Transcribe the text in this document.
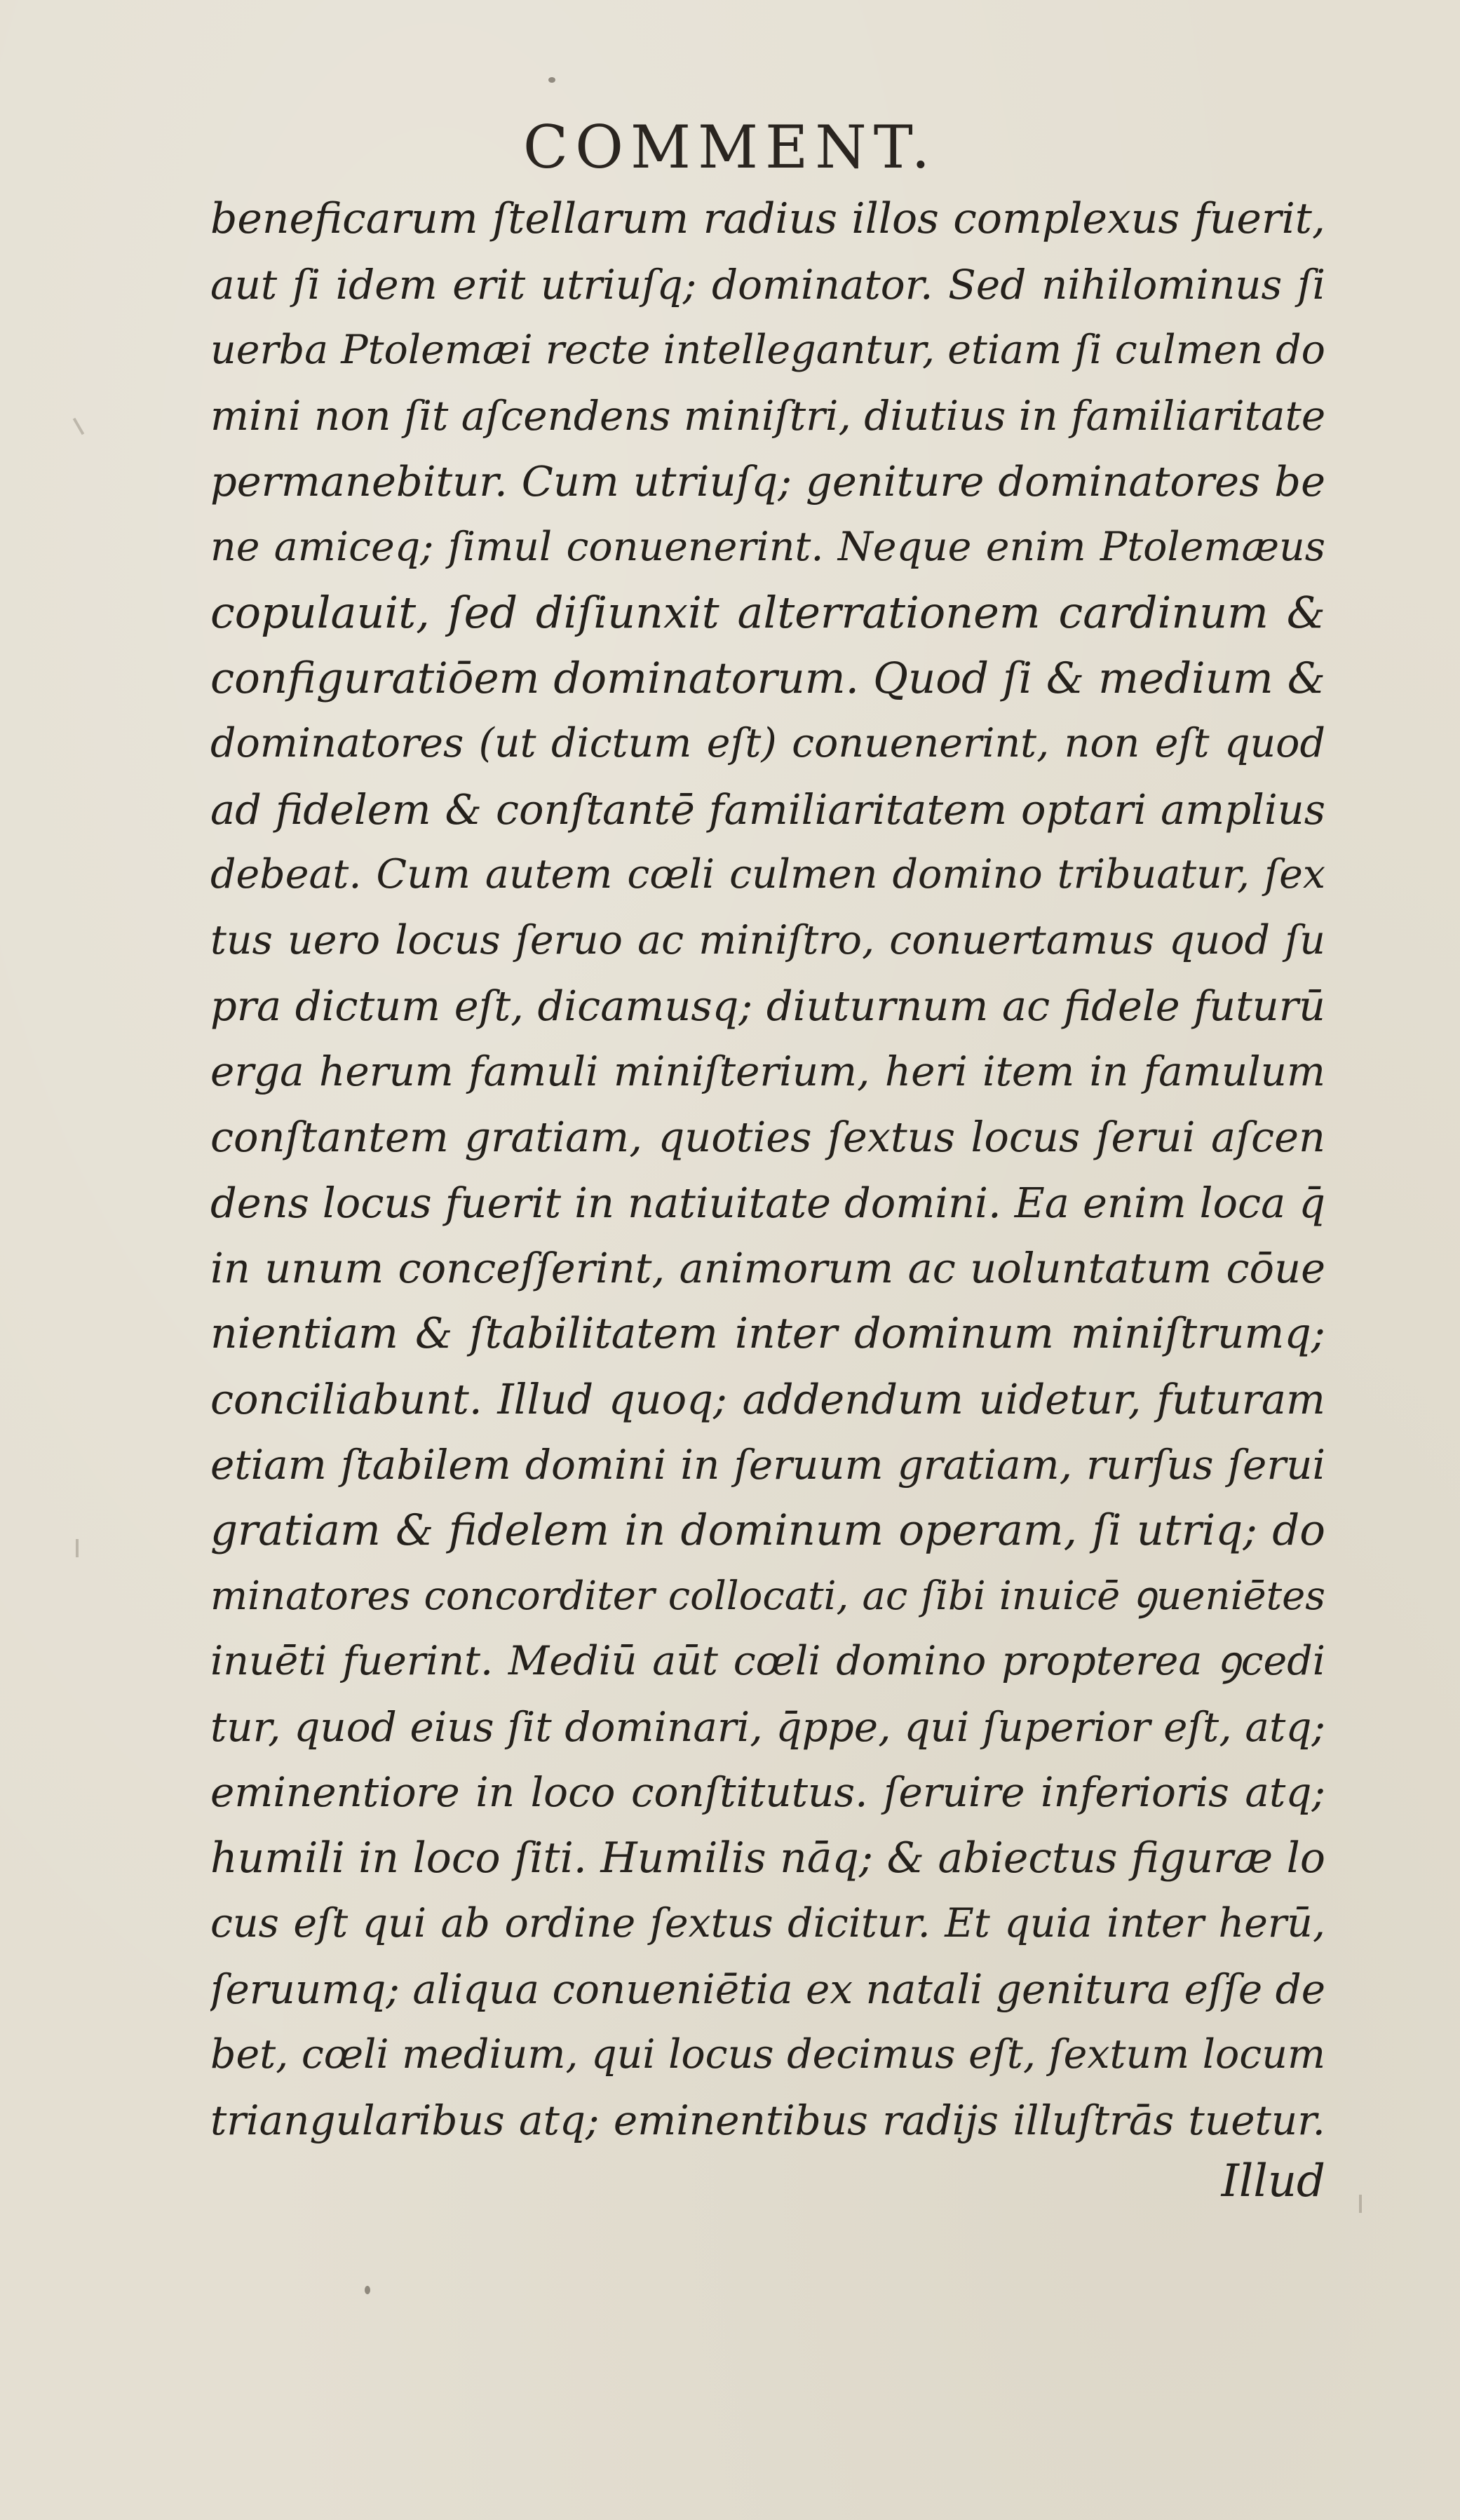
COMMENT.
beneficarum ſtellarum radius illos complexus fuerit,
aut ſi idem erit utriuſq; dominator. Sed nihilominus ſi
uerba Ptolemæi recte intellegantur, etiam ſi culmen do
mini non ſit aſcendens miniſtri, diutius in familiaritate
permanebitur. Cum utriuſq; geniture dominatores be
ne amiceq; ſimul conuenerint. Neque enim Ptolemæus
copulauit, ſed diſiunxit alterrationem cardinum &
configuratiōem dominatorum. Quod ſi & medium &
dominatores (ut dictum eſt) conuenerint, non eſt quod
ad fidelem & conſtantē familiaritatem optari amplius
debeat. Cum autem cœli culmen domino tribuatur, ſex
tus uero locus ſeruo ac miniſtro, conuertamus quod ſu
pra dictum eſt, dicamusq; diuturnum ac fidele futurū
erga herum famuli miniſterium, heri item in famulum
conſtantem gratiam, quoties ſextus locus ſerui aſcen
dens locus fuerit in natiuitate domini. Ea enim loca q̄
in unum conceſſerint, animorum ac uoluntatum cōue
nientiam & ſtabilitatem inter dominum miniſtrumq;
conciliabunt. Illud quoq; addendum uidetur, futuram
etiam ſtabilem domini in ſeruum gratiam, rurſus ſerui
gratiam & fidelem in dominum operam, ſi utriq; do
minatores concorditer collocati, ac ſibi inuicē ꝯueniētes
inuēti fuerint. Mediū aūt cœli domino propterea ꝯcedi
tur, quod eius ſit dominari, q̄ppe, qui ſuperior eſt, atq;
eminentiore in loco conſtitutus. ſeruire inferioris atq;
humili in loco ſiti. Humilis nāq; & abiectus figuræ lo
cus eſt qui ab ordine ſextus dicitur. Et quia inter herū,
ſeruumq; aliqua conueniētia ex natali genitura eſſe de
bet, cœli medium, qui locus decimus eſt, ſextum locum
triangularibus atq; eminentibus radijs illuſtrās tuetur.
Illud
